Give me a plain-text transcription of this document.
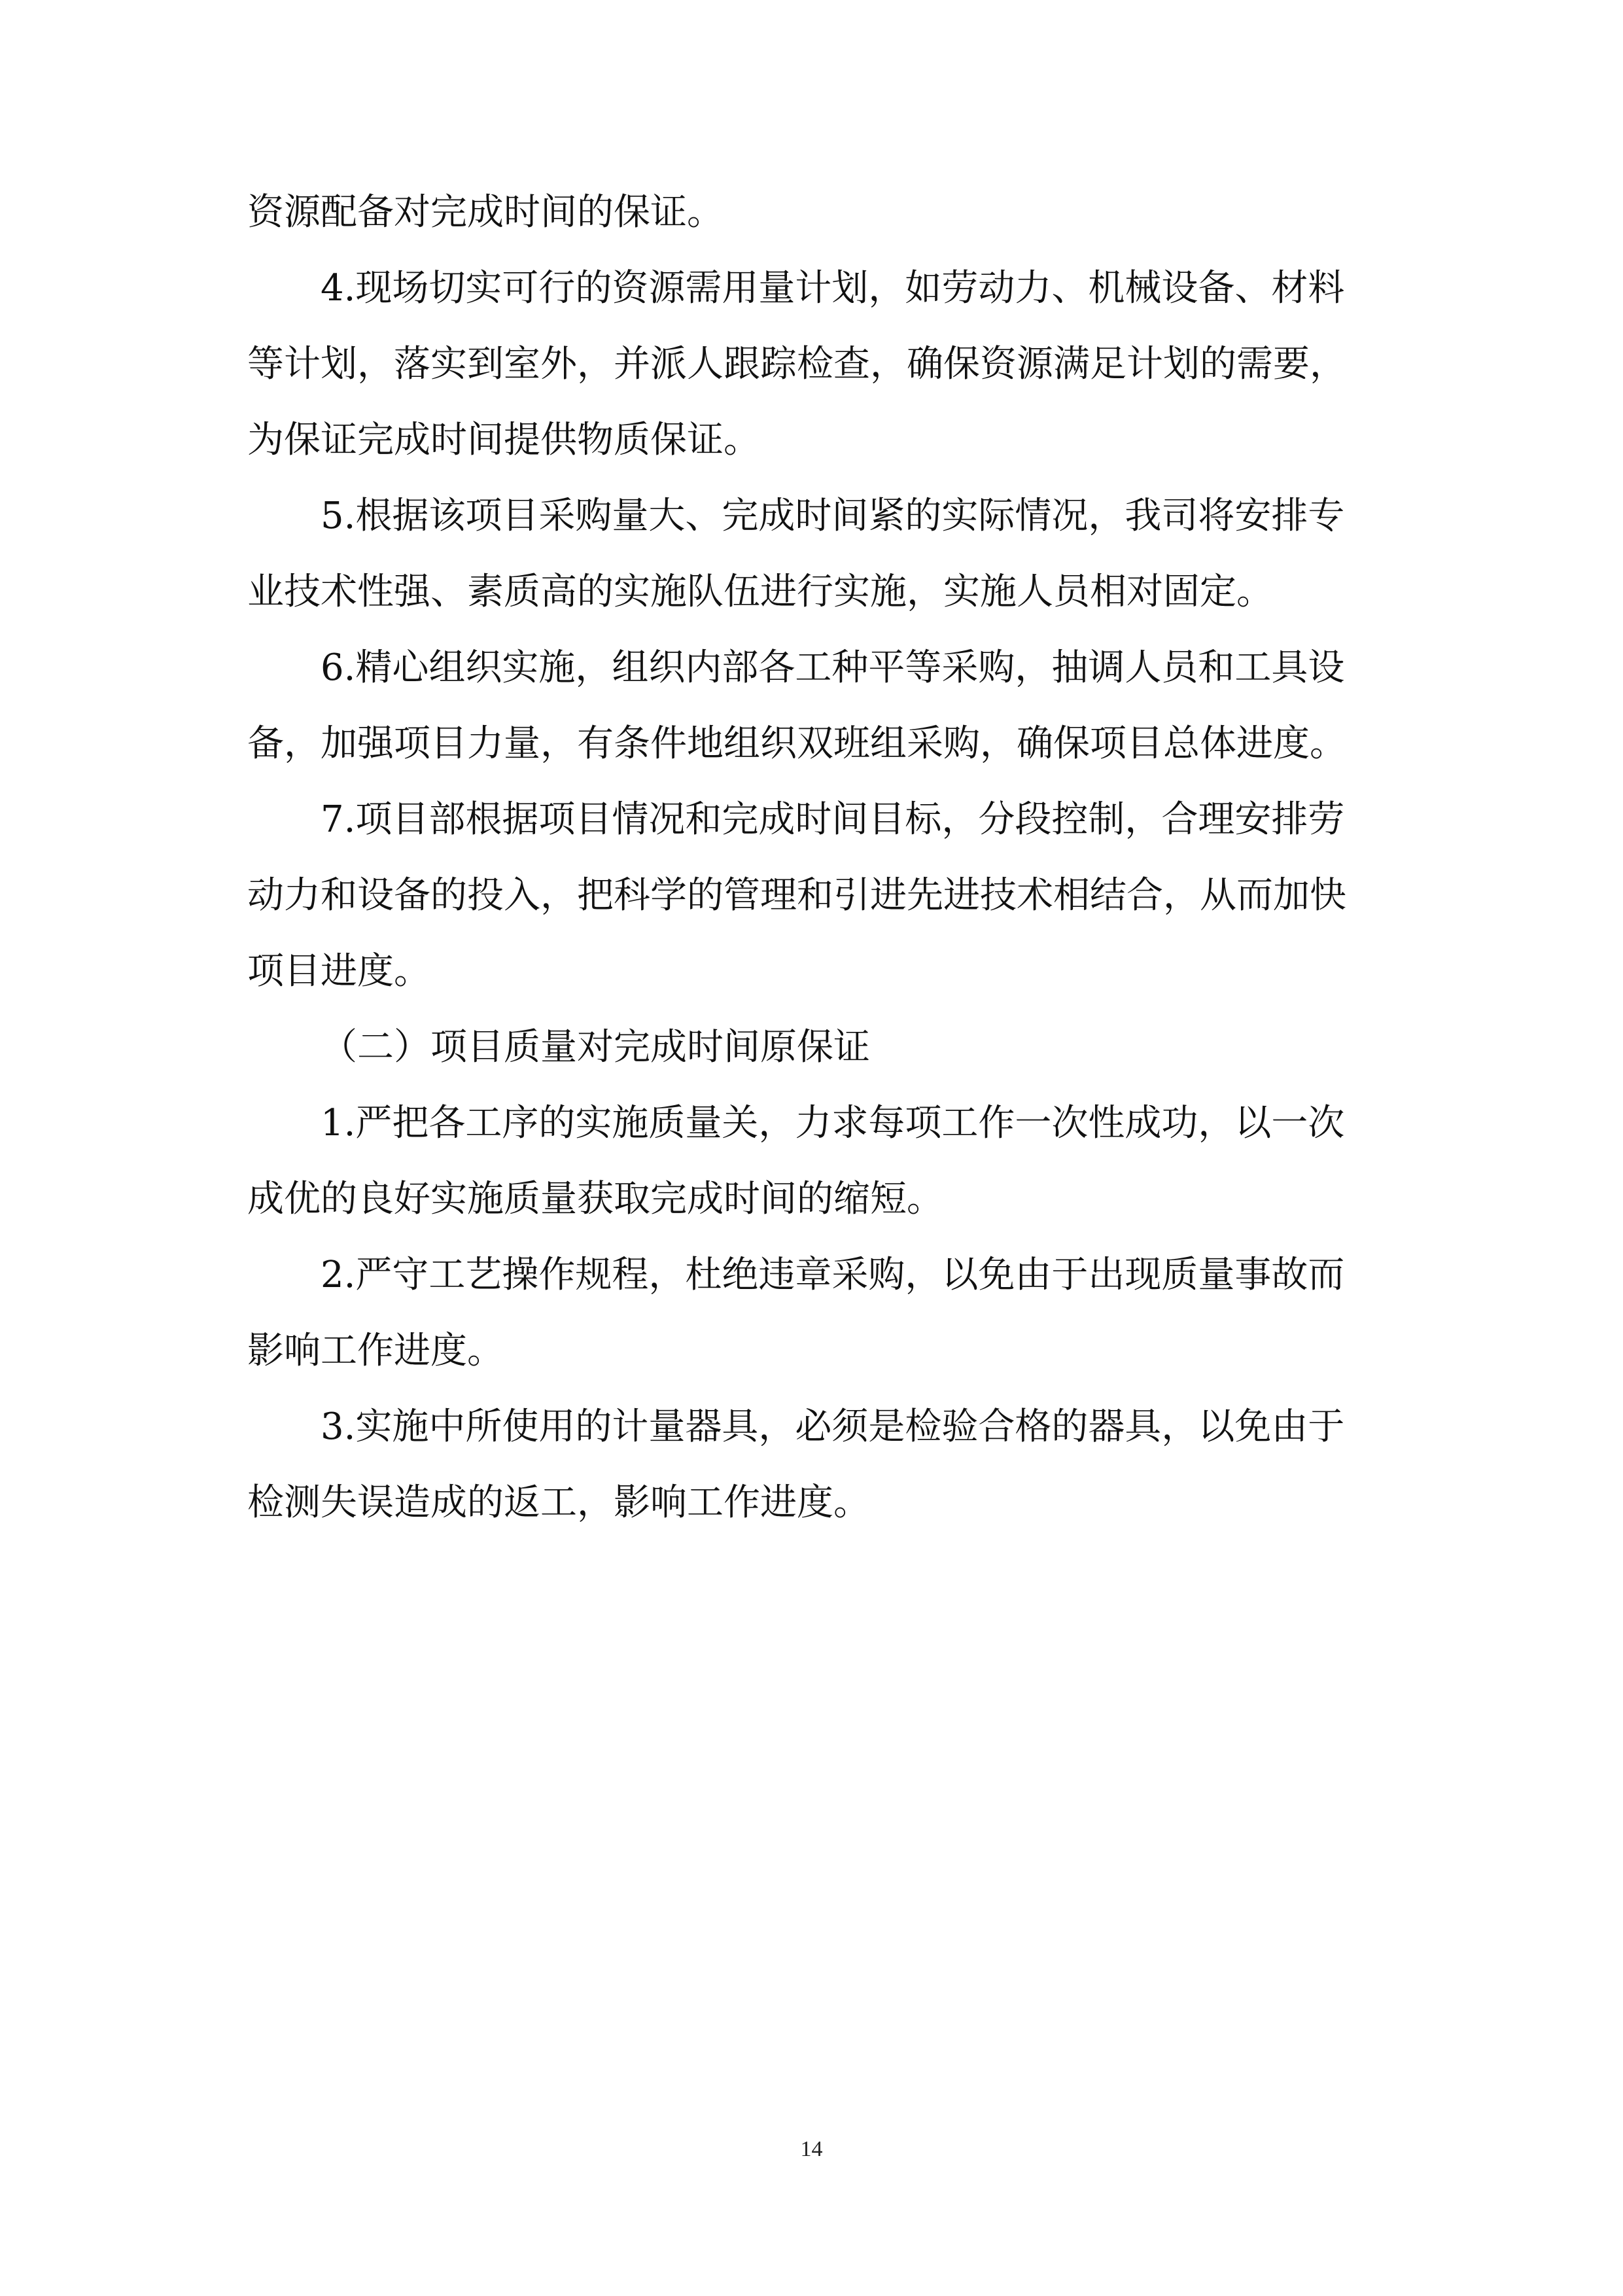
资源配备对完成时间的保证。
4.现场切实可行的资源需用量计划，如劳动力、机械设备、材料
等计划，落实到室外，并派人跟踪检查，确保资源满足计划的需要，
为保证完成时间提供物质保证。
5.根据该项目采购量大、完成时间紧的实际情况，我司将安排专
业技术性强、素质高的实施队伍进行实施，实施人员相对固定。
6.精心组织实施，组织内部各工种平等采购，抽调人员和工具设
备，加强项目力量，有条件地组织双班组采购，确保项目总体进度。
7.项目部根据项目情况和完成时间目标，分段控制，合理安排劳
动力和设备的投入，把科学的管理和引进先进技术相结合，从而加快
项目进度。
（二）项目质量对完成时间原保证
1.严把各工序的实施质量关，力求每项工作一次性成功，以一次
成优的良好实施质量获取完成时间的缩短。
2.严守工艺操作规程，杜绝违章采购，以免由于出现质量事故而
影响工作进度。
3.实施中所使用的计量器具，必须是检验合格的器具，以免由于
检测失误造成的返工，影响工作进度。
14
